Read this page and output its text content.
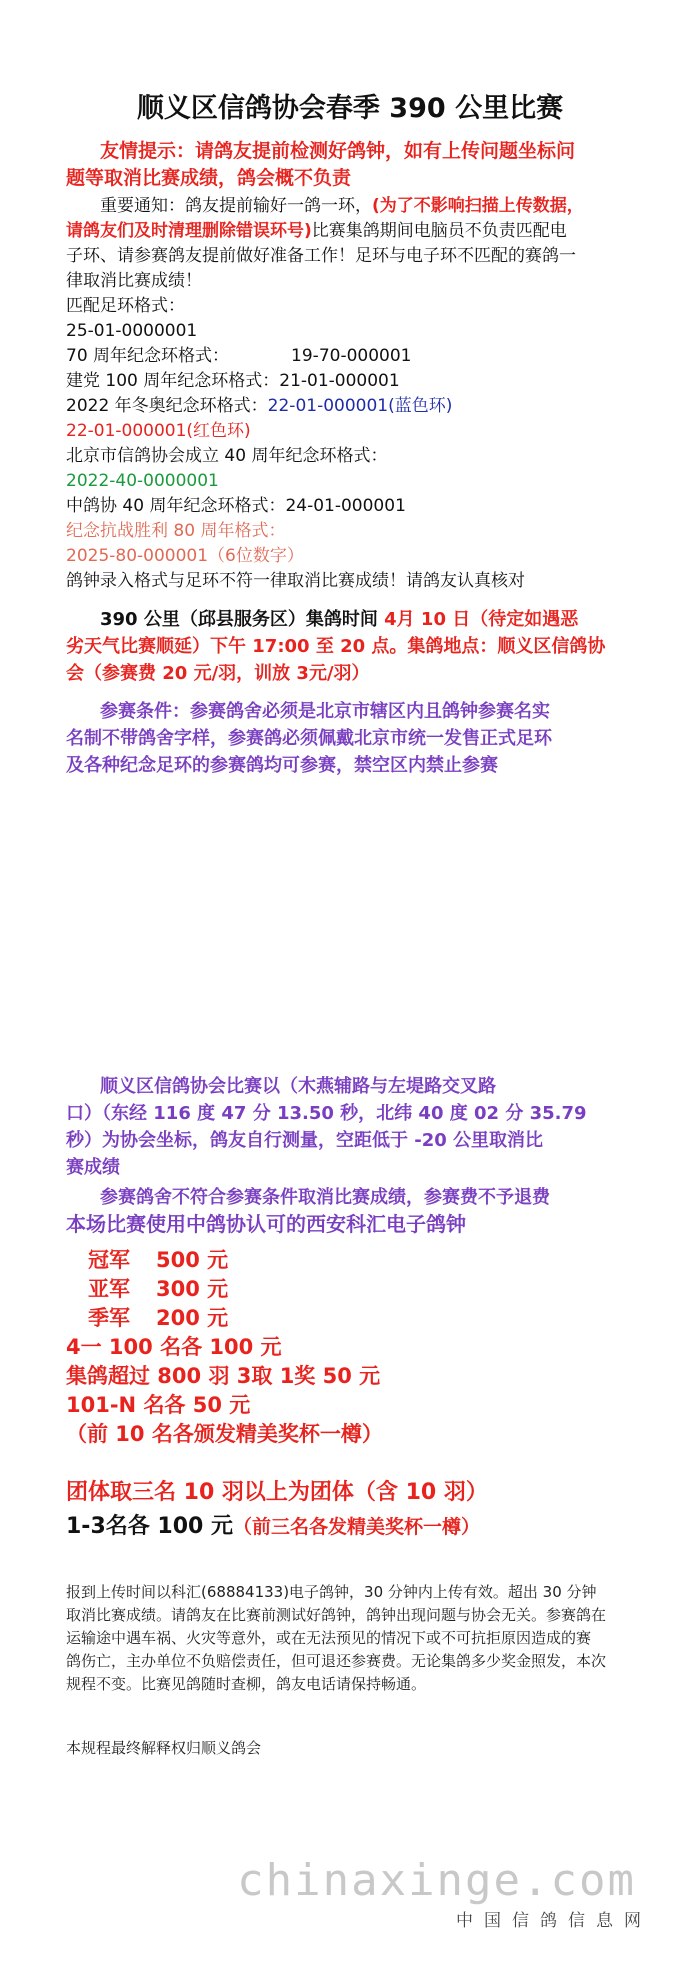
顺义区信鸽协会春季 390 公里比赛
友情提示：请鸽友提前检测好鸽钟，如有上传问题坐标问
题等取消比赛成绩，鸽会概不负责
重要通知：鸽友提前输好一鸽一环，(为了不影响扫描上传数据，
请鸽友们及时清理删除错误环号)比赛集鸽期间电脑员不负责匹配电
子环、请参赛鸽友提前做好准备工作！足环与电子环不匹配的赛鸽一
律取消比赛成绩！
匹配足环格式：
25-01-0000001
70 周年纪念环格式：	19-70-000001
建党 100 周年纪念环格式：21-01-000001
2022 年冬奥纪念环格式：22-01-000001(蓝色环)
22-01-000001(红色环)
北京市信鸽协会成立 40 周年纪念环格式：
2022-40-0000001
中鸽协 40 周年纪念环格式：24-01-000001
纪念抗战胜利 80 周年格式：
2025-80-000001（6位数字）
鸽钟录入格式与足环不符一律取消比赛成绩！请鸽友认真核对
390 公里（邱县服务区）集鸽时间 4月 10 日（待定如遇恶
劣天气比赛顺延）下午 17:00 至 20 点。集鸽地点：顺义区信鸽协
会（参赛费 20 元/羽，训放 3元/羽）
参赛条件：参赛鸽舍必须是北京市辖区内且鸽钟参赛名实
名制不带鸽舍字样，参赛鸽必须佩戴北京市统一发售正式足环
及各种纪念足环的参赛鸽均可参赛，禁空区内禁止参赛
顺义区信鸽协会比赛以（木燕辅路与左堤路交叉路
口）（东经 116 度 47 分 13.50 秒，北纬 40 度 02 分 35.79
秒）为协会坐标，鸽友自行测量，空距低于 -20 公里取消比
赛成绩
参赛鸽舍不符合参赛条件取消比赛成绩，参赛费不予退费
本场比赛使用中鸽协认可的西安科汇电子鸽钟
冠军 500 元
亚军 300 元
季军 200 元
4一 100 名各 100 元
集鸽超过 800 羽 3取 1奖 50 元
101-N 名各 50 元
（前 10 名各颁发精美奖杯一樽）
团体取三名 10 羽以上为团体（含 10 羽）
1-3名各 100 元（前三名各发精美奖杯一樽）
报到上传时间以科汇(68884133)电子鸽钟，30 分钟内上传有效。超出 30 分钟
取消比赛成绩。请鸽友在比赛前测试好鸽钟，鸽钟出现问题与协会无关。参赛鸽在
运输途中遇车祸、火灾等意外，或在无法预见的情况下或不可抗拒原因造成的赛
鸽伤亡，主办单位不负赔偿责任，但可退还参赛费。无论集鸽多少奖金照发，本次
规程不变。比赛见鸽随时查柳，鸽友电话请保持畅通。
本规程最终解释权归顺义鸽会
chinaxinge.com
中国信鸽信息网
